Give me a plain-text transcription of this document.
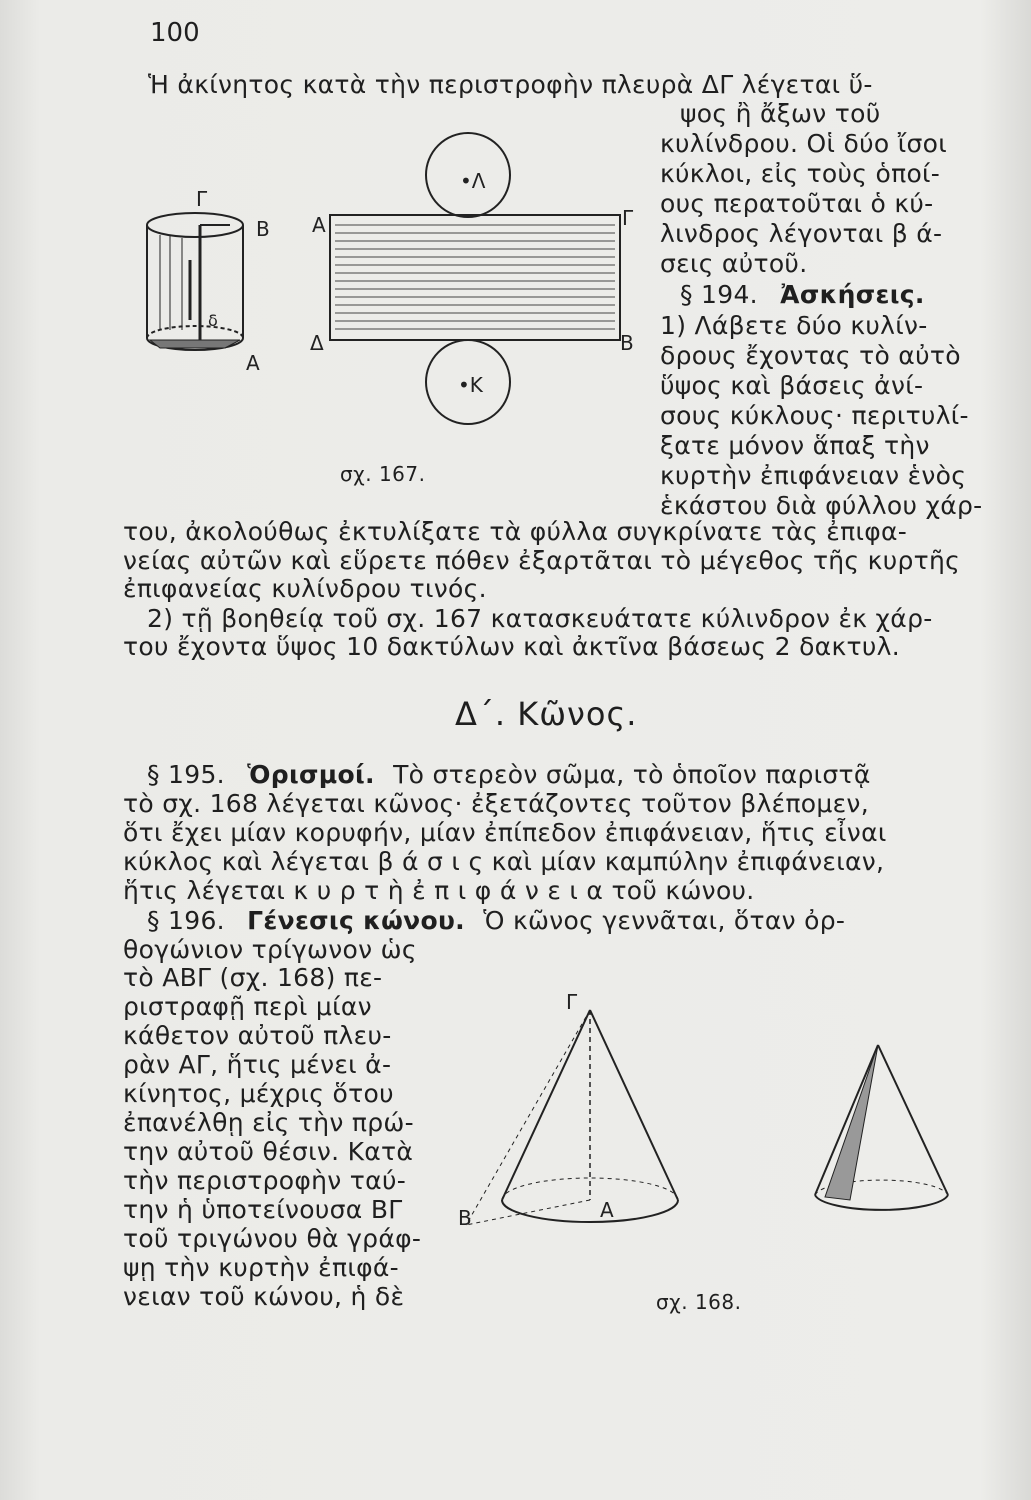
100
Ἡ ἀκίνητος κατὰ τὴν περιστροφὴν πλευρὰ ΔΓ λέγεται ὕ-
ψος ἢ ἄξων τοῦ
κυλίνδρου. Οἱ δύο ἴσοι
κύκλοι, εἰς τοὺς ὁποί-
ους περατοῦται ὁ κύ-
λινδρος λέγονται β ά-
σεις αὐτοῦ.
§ 194. Ἀσκήσεις.
1) Λάβετε δύο κυλίν-
δρους ἔχοντας τὸ αὐτὸ
ὕψος καὶ βάσεις ἀνί-
σους κύκλους· περιτυλί-
ξατε μόνον ἅπαξ τὴν
κυρτὴν ἐπιφάνειαν ἑνὸς
ἑκάστου διὰ φύλλου χάρ-
του, ἀκολούθως ἐκτυλίξατε τὰ φύλλα συγκρίνατε τὰς ἐπιφα-
νείας αὐτῶν καὶ εὕρετε πόθεν ἐξαρτᾶται τὸ μέγεθος τῆς κυρτῆς
ἐπιφανείας κυλίνδρου τινός.
2) τῇ βοηθείᾳ τοῦ σχ. 167 κατασκευάτατε κύλινδρον ἐκ χάρ-
του ἔχοντα ὕψος 10 δακτύλων καὶ ἀκτῖνα βάσεως 2 δακτυλ.
Δ΄. Κῶνος.
§ 195. Ὁρισμοί. Τὸ στερεὸν σῶμα, τὸ ὁποῖον παριστᾷ
τὸ σχ. 168 λέγεται κῶνος· ἐξετάζοντες τοῦτον βλέπομεν,
ὅτι ἔχει μίαν κορυφήν, μίαν ἐπίπεδον ἐπιφάνειαν, ἥτις εἶναι
κύκλος καὶ λέγεται β ά σ ι ς καὶ μίαν καμπύλην ἐπιφάνειαν,
ἥτις λέγεται κ υ ρ τ ὴ ἐ π ι φ ά ν ε ι α τοῦ κώνου.
§ 196. Γένεσις κώνου. Ὁ κῶνος γεννᾶται, ὅταν ὀρ-
θογώνιον τρίγωνον ὡς
τὸ ΑΒΓ (σχ. 168) πε-
ριστραφῇ περὶ μίαν
κάθετον αὐτοῦ πλευ-
ρὰν ΑΓ, ἥτις μένει ἀ-
κίνητος, μέχρις ὅτου
ἐπανέλθῃ εἰς τὴν πρώ-
την αὐτοῦ θέσιν. Κατὰ
τὴν περιστροφὴν ταύ-
την ἡ ὑποτείνουσα ΒΓ
τοῦ τριγώνου θὰ γράφ-
ψῃ τὴν κυρτὴν ἐπιφά-
νειαν τοῦ κώνου, ἡ δὲ
Γ
Β
Α
δ
Α	Γ
Δ	Β
•Λ
•Κ
σχ. 167.
Γ
Α
Β
σχ. 168.
